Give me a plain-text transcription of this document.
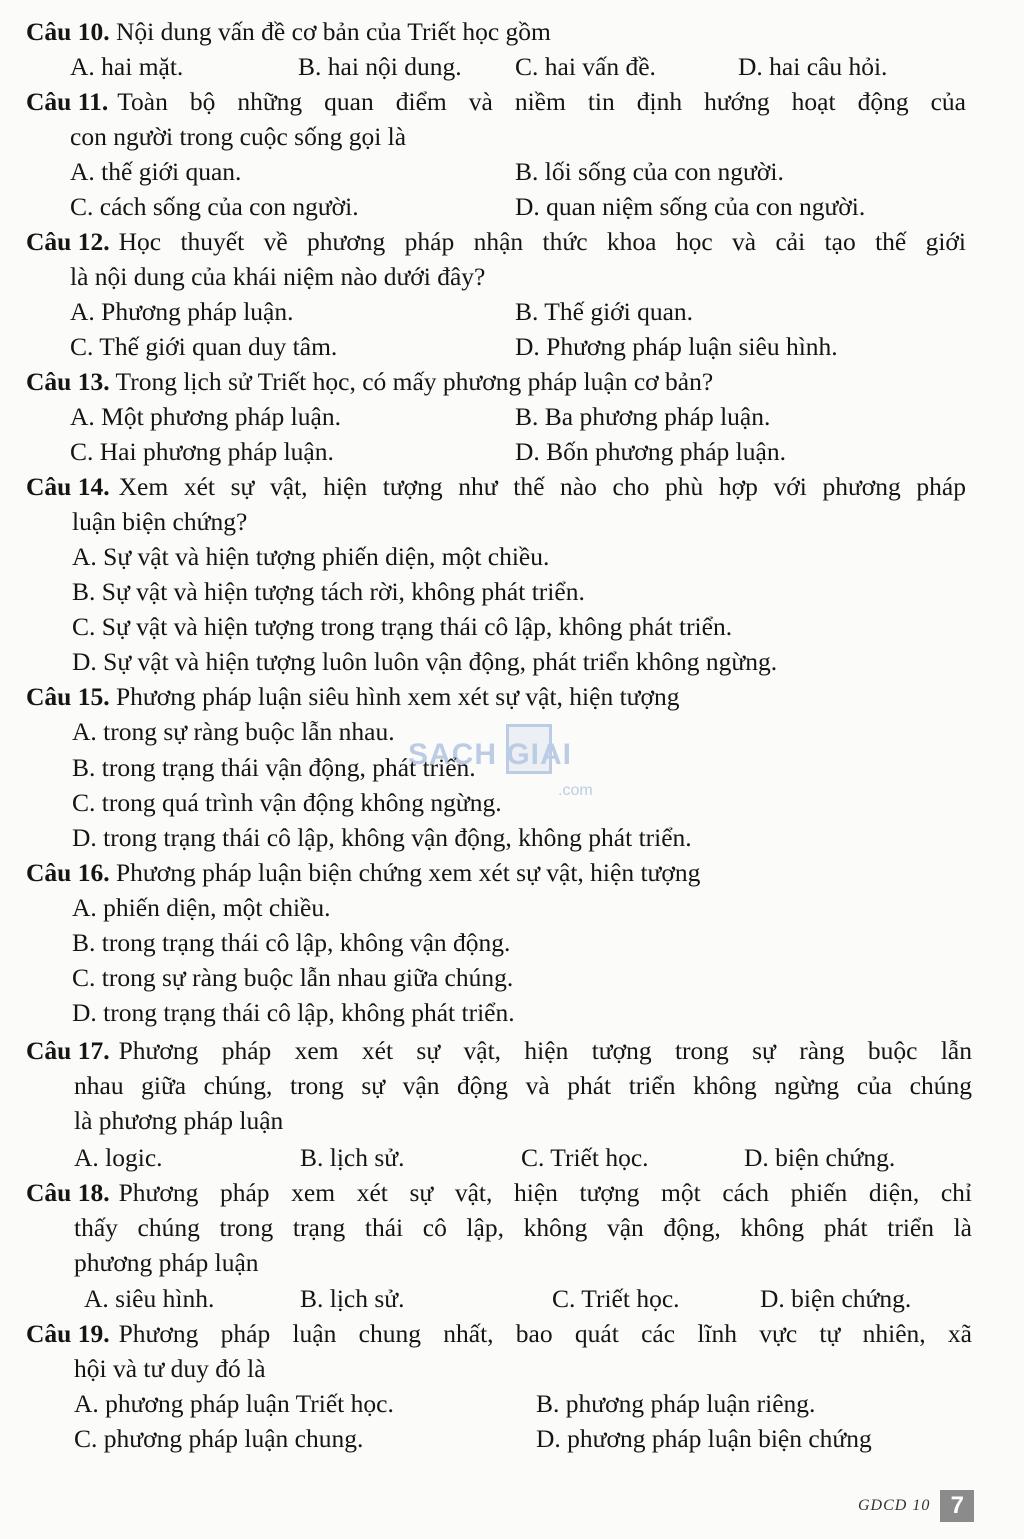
Câu 10. Nội dung vấn đề cơ bản của Triết học gồm
A. hai mặt.	B. hai nội dung. C. hai vấn đề.	D. hai câu hỏi.
Câu 11. Toàn bộ những quan điểm và niềm tin định hướng hoạt động của
con người trong cuộc sống gọi là
A. thế giới quan.	B. lối sống của con người.
C. cách sống của con người.	D. quan niệm sống của con người.
Câu 12. Học thuyết về phương pháp nhận thức khoa học và cải tạo thế giới
là nội dung của khái niệm nào dưới đây?
A. Phương pháp luận.	B. Thế giới quan.
C. Thế giới quan duy tâm.	D. Phương pháp luận siêu hình.
Câu 13. Trong lịch sử Triết học, có mấy phương pháp luận cơ bản?
A. Một phương pháp luận.	B. Ba phương pháp luận.
C. Hai phương pháp luận.	D. Bốn phương pháp luận.
Câu 14. Xem xét sự vật, hiện tượng như thế nào cho phù hợp với phương pháp
luận biện chứng?
A. Sự vật và hiện tượng phiến diện, một chiều.
B. Sự vật và hiện tượng tách rời, không phát triển.
C. Sự vật và hiện tượng trong trạng thái cô lập, không phát triển.
D. Sự vật và hiện tượng luôn luôn vận động, phát triển không ngừng.
Câu 15. Phương pháp luận siêu hình xem xét sự vật, hiện tượng
A. trong sự ràng buộc lẫn nhau.
B. trong trạng thái vận động, phát triển.
C. trong quá trình vận động không ngừng.
D. trong trạng thái cô lập, không vận động, không phát triển.
Câu 16. Phương pháp luận biện chứng xem xét sự vật, hiện tượng
A. phiến diện, một chiều.
B. trong trạng thái cô lập, không vận động.
C. trong sự ràng buộc lẫn nhau giữa chúng.
D. trong trạng thái cô lập, không phát triển.
Câu 17. Phương pháp xem xét sự vật, hiện tượng trong sự ràng buộc lẫn
nhau giữa chúng, trong sự vận động và phát triển không ngừng của chúng
là phương pháp luận
A. logic.	B. lịch sử.	C. Triết học.	D. biện chứng.
Câu 18. Phương pháp xem xét sự vật, hiện tượng một cách phiến diện, chỉ
thấy chúng trong trạng thái cô lập, không vận động, không phát triển là
phương pháp luận
A. siêu hình.	B. lịch sử.	C. Triết học.	D. biện chứng.
Câu 19. Phương pháp luận chung nhất, bao quát các lĩnh vực tự nhiên, xã
hội và tư duy đó là
A. phương pháp luận Triết học.	B. phương pháp luận riêng.
C. phương pháp luận chung.	D. phương pháp luận biện chứng
SACH GIAI
.com
GDCD 10 7
